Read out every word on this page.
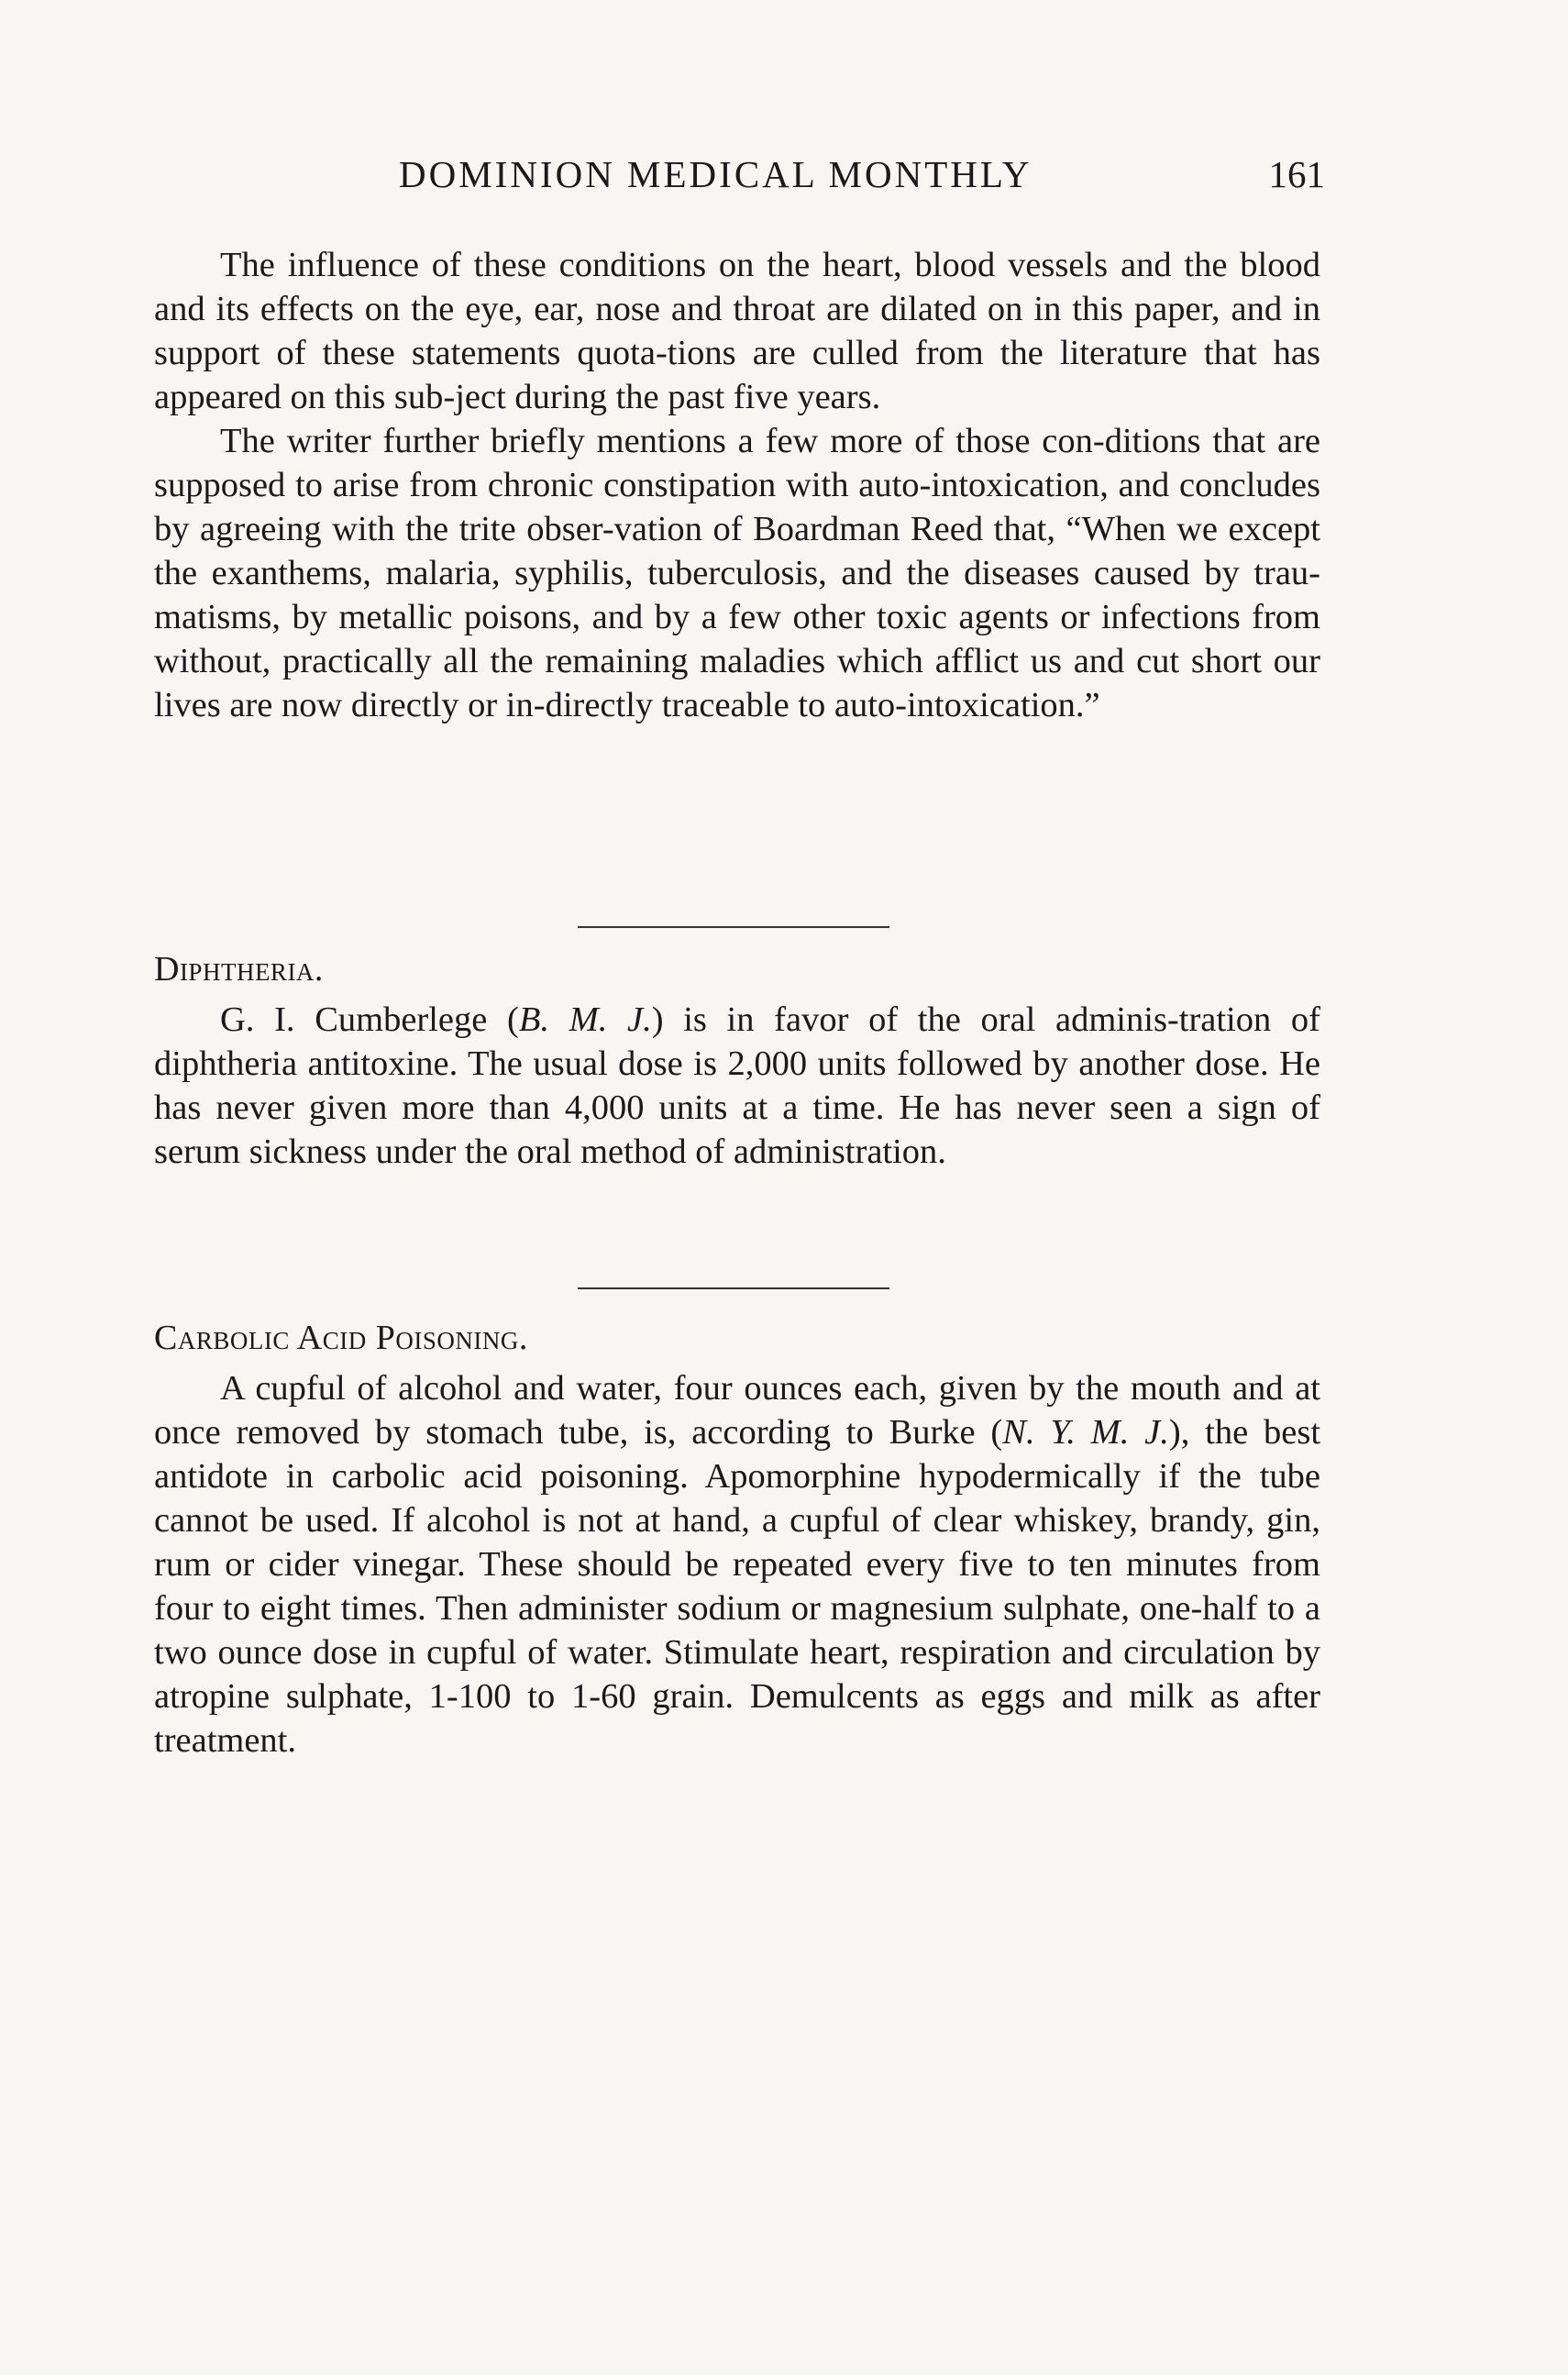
DOMINION MEDICAL MONTHLY	161

The influence of these conditions on the heart, blood vessels and the blood and its effects on the eye, ear, nose and throat are dilated on in this paper, and in support of these statements quota-tions are culled from the literature that has appeared on this sub-ject during the past five years.

The writer further briefly mentions a few more of those con-ditions that are supposed to arise from chronic constipation with auto-intoxication, and concludes by agreeing with the trite obser-vation of Boardman Reed that, “When we except the exanthems, malaria, syphilis, tuberculosis, and the diseases caused by trau-matisms, by metallic poisons, and by a few other toxic agents or infections from without, practically all the remaining maladies which afflict us and cut short our lives are now directly or in-directly traceable to auto-intoxication.”

Diphtheria.

G. I. Cumberlege (B. M. J.) is in favor of the oral adminis-tration of diphtheria antitoxine. The usual dose is 2,000 units followed by another dose. He has never given more than 4,000 units at a time. He has never seen a sign of serum sickness under the oral method of administration.

Carbolic Acid Poisoning.

A cupful of alcohol and water, four ounces each, given by the mouth and at once removed by stomach tube, is, according to Burke (N. Y. M. J.), the best antidote in carbolic acid poisoning. Apomorphine hypodermically if the tube cannot be used. If alcohol is not at hand, a cupful of clear whiskey, brandy, gin, rum or cider vinegar. These should be repeated every five to ten minutes from four to eight times. Then administer sodium or magnesium sulphate, one-half to a two ounce dose in cupful of water. Stimulate heart, respiration and circulation by atropine sulphate, 1-100 to 1-60 grain. Demulcents as eggs and milk as after treatment.
